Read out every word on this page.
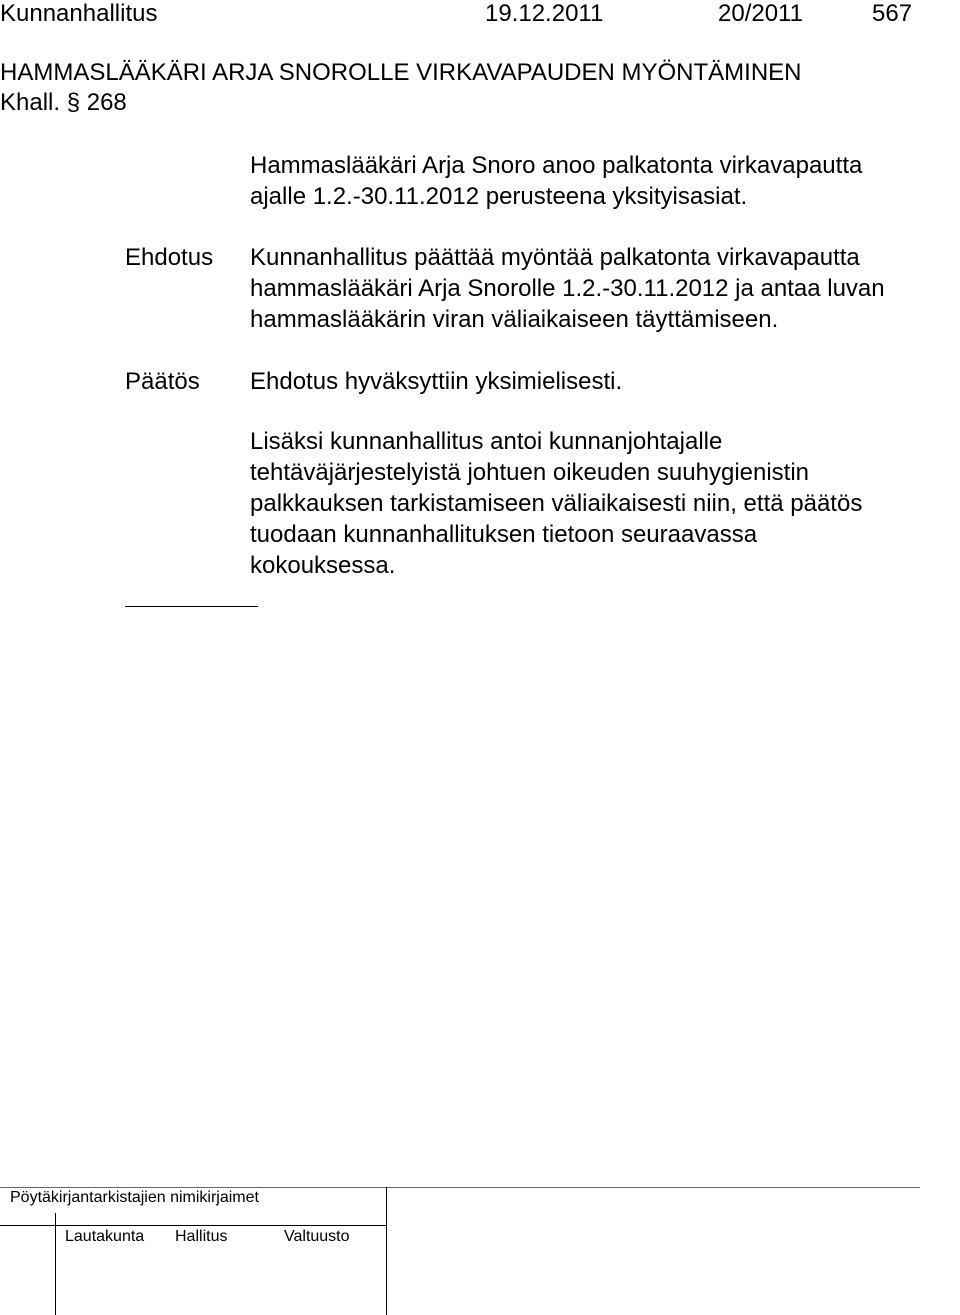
Kunnanhallitus	19.12.2011	20/2011	567
HAMMASLÄÄKÄRI ARJA SNOROLLE VIRKAVAPAUDEN MYÖNTÄMINEN
Khall. § 268
Hammaslääkäri Arja Snoro anoo palkatonta virkavapautta
ajalle 1.2.-30.11.2012 perusteena yksityisasiat.
Ehdotus Kunnanhallitus päättää myöntää palkatonta virkavapautta
hammaslääkäri Arja Snorolle 1.2.-30.11.2012 ja antaa luvan
hammaslääkärin viran väliaikaiseen täyttämiseen.
Päätös Ehdotus hyväksyttiin yksimielisesti.
Lisäksi kunnanhallitus antoi kunnanjohtajalle
tehtäväjärjestelyistä johtuen oikeuden suuhygienistin
palkkauksen tarkistamiseen väliaikaisesti niin, että päätös
tuodaan kunnanhallituksen tietoon seuraavassa
kokouksessa.
Pöytäkirjantarkistajien nimikirjaimet
Lautakunta Hallitus	Valtuusto
